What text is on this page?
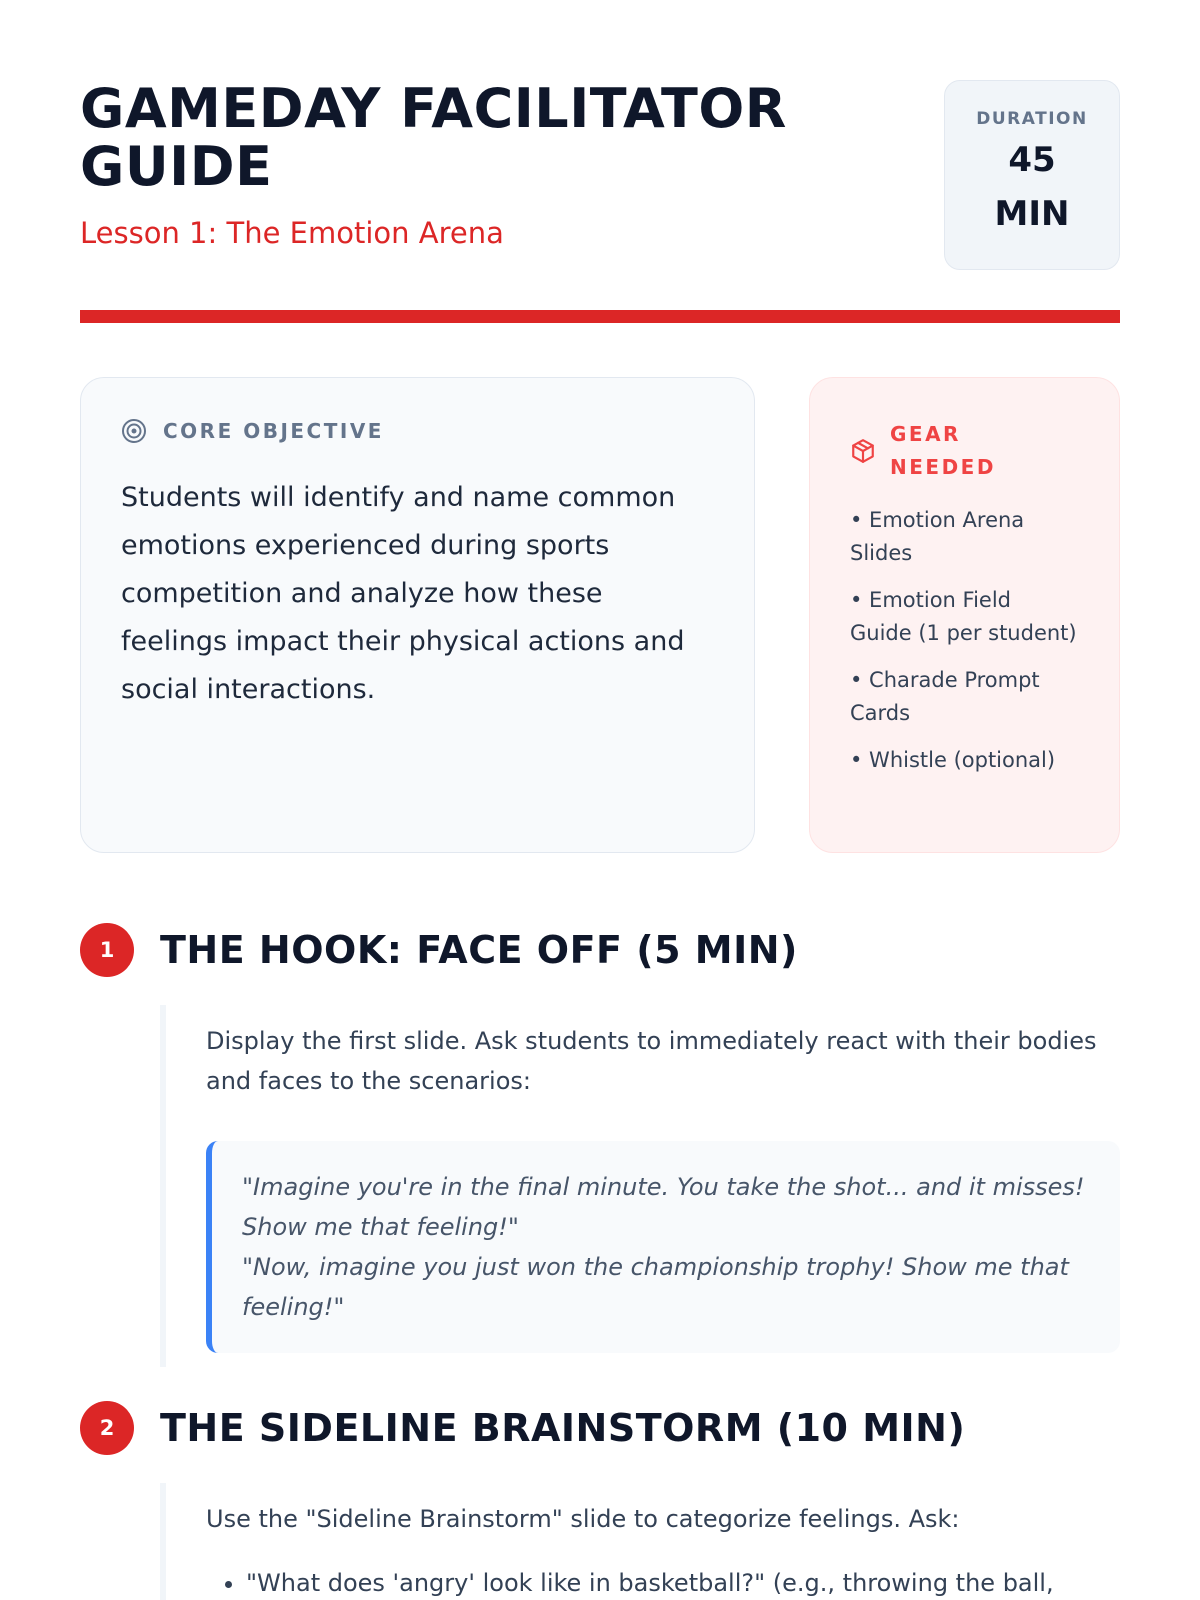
GAMEDAY FACILITATOR GUIDE
Lesson 1: The Emotion Arena
DURATION
45
MIN
CORE OBJECTIVE

Students will identify and name common emotions experienced during sports competition and analyze how these feelings impact their physical actions and social interactions.

GEAR
NEEDED
• Emotion Arena Slides
• Emotion Field Guide (1 per student)
• Charade Prompt Cards
• Whistle (optional)
1	THE HOOK: FACE OFF (5 MIN)

Display the first slide. Ask students to immediately react with their bodies and faces to the scenarios:

"Imagine you're in the final minute. You take the shot... and it misses! Show me that feeling!"

"Now, imagine you just won the championship trophy! Show me that feeling!"

2	THE SIDELINE BRAINSTORM (10 MIN)

Use the "Sideline Brainstorm" slide to categorize feelings. Ask:

• "What does 'angry' look like in basketball?" (e.g., throwing the ball,
